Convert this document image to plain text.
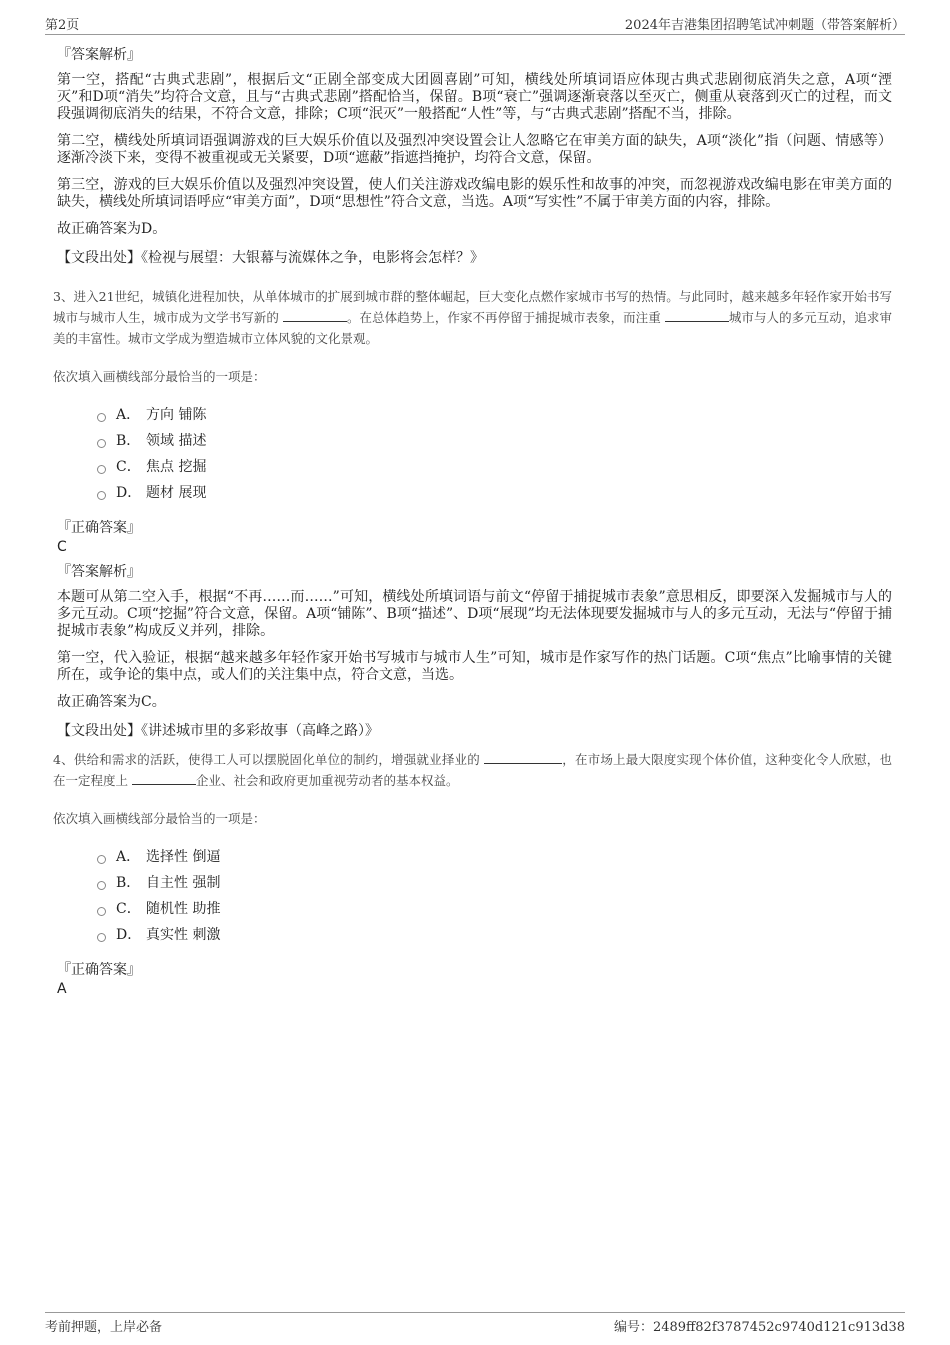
第2页	2024年吉港集团招聘笔试冲刺题（带答案解析）
『答案解析』

第一空，搭配“古典式悲剧”，根据后文“正剧全部变成大团圆喜剧”可知，横线处所填词语应体现古典式悲剧彻底消失之意，A项“湮灭”和D项“消失”均符合文意，且与“古典式悲剧”搭配恰当，保留。B项“衰亡”强调逐渐衰落以至灭亡，侧重从衰落到灭亡的过程，而文段强调彻底消失的结果，不符合文意，排除；C项“泯灭”一般搭配“人性”等，与“古典式悲剧”搭配不当，排除。

第二空，横线处所填词语强调游戏的巨大娱乐价值以及强烈冲突设置会让人忽略它在审美方面的缺失，A项“淡化”指（问题、情感等）逐渐冷淡下来，变得不被重视或无关紧要，D项“遮蔽”指遮挡掩护，均符合文意，保留。

第三空，游戏的巨大娱乐价值以及强烈冲突设置，使人们关注游戏改编电影的娱乐性和故事的冲突，而忽视游戏改编电影在审美方面的缺失，横线处所填词语呼应“审美方面”，D项“思想性”符合文意，当选。A项“写实性”不属于审美方面的内容，排除。

故正确答案为D。

【文段出处】《检视与展望：大银幕与流媒体之争，电影将会怎样？》
3、进入21世纪，城镇化进程加快，从单体城市的扩展到城市群的整体崛起，巨大变化点燃作家城市书写的热情。与此同时，越来越多年轻作家开始书写城市与城市人生，城市成为文学书写新的	。在总体趋势上，作家不再停留于捕捉城市表象，而注重	城市与人的多元互动，追求审美的丰富性。城市文学成为塑造城市立体风貌的文化景观。
依次填入画横线部分最恰当的一项是：
A． 方向 铺陈
B． 领域 描述
C． 焦点 挖掘
D． 题材 展现
『正确答案』
C
『答案解析』

本题可从第二空入手，根据“不再……而……”可知，横线处所填词语与前文“停留于捕捉城市表象”意思相反，即要深入发掘城市与人的多元互动。C项“挖掘”符合文意，保留。A项“铺陈”、B项“描述”、D项“展现”均无法体现要发掘城市与人的多元互动，无法与“停留于捕捉城市表象”构成反义并列，排除。

第一空，代入验证，根据“越来越多年轻作家开始书写城市与城市人生”可知，城市是作家写作的热门话题。C项“焦点”比喻事情的关键所在，或争论的集中点，或人们的关注集中点，符合文意，当选。

故正确答案为C。

【文段出处】《讲述城市里的多彩故事（高峰之路）》
4、供给和需求的活跃，使得工人可以摆脱固化单位的制约，增强就业择业的	，在市场上最大限度实现个体价值，这种变化令人欣慰，也在一定程度上	企业、社会和政府更加重视劳动者的基本权益。
依次填入画横线部分最恰当的一项是：
A． 选择性 倒逼
B． 自主性 强制
C． 随机性 助推
D． 真实性 刺激
『正确答案』
A
考前押题，上岸必备	编号：2489ff82f3787452c9740d121c913d38
